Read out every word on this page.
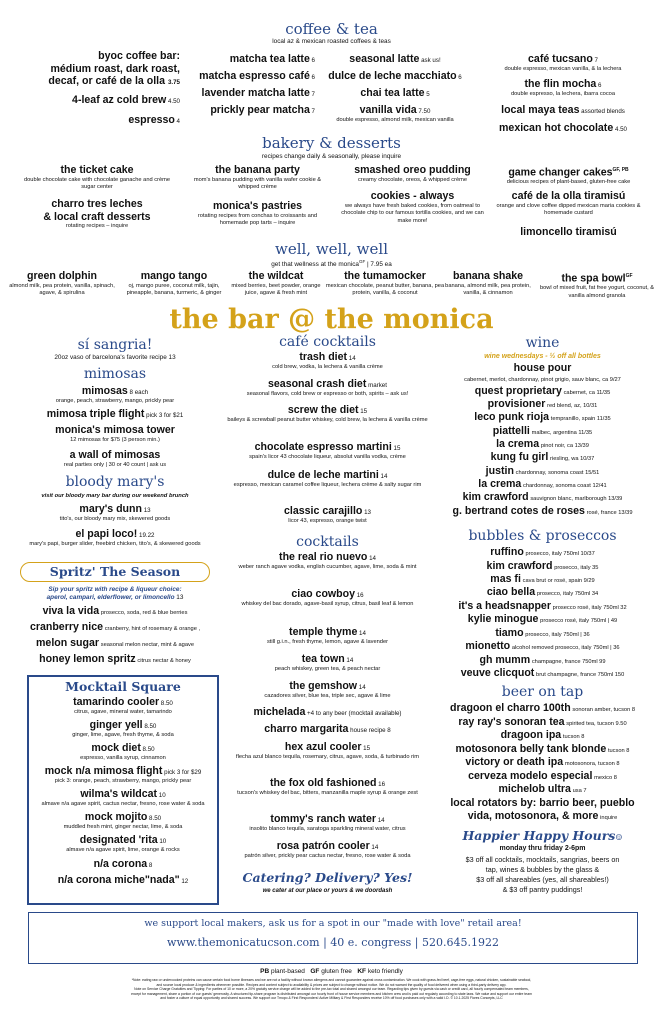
coffee & tea
local az & mexican roasted coffees & teas
byoc coffee bar:
médium roast, dark roast,
decaf, or café de la olla 3.75
4-leaf az cold brew 4.50
espresso 4
matcha tea latte 6
matcha espresso café 6
lavender matcha latte 7
prickly pear matcha 7
seasonal latte ask us!
dulce de leche macchiato 6
chai tea latte 5
vanilla vida 7.50
double espresso, almond milk, mexican vanilla
café tucsano 7
double espresso, mexican vanilla, & la lechera
the flin mocha 6
double espresso, la lechera, ibarra cocoa
local maya teas assorted blends
mexican hot chocolate 4.50
bakery & desserts
recipes change daily & seasonally, please inquire
the ticket cake
double chocolate cake with chocolate ganache and crème sugar center
charro tres leches
& local craft desserts
rotating recipes – inquire
the banana party
mom's banana pudding with vanilla wafer cookie & whipped crème
monica's pastries
rotating recipes from conchas to croissants and homemade pop tarts – inquire
smashed oreo pudding
creamy chocolate, oreos, & whipped crème
cookies - always
we always have fresh baked cookies, from oatmeal to chocolate chip to our famous tortilla cookies, and we can make more!
game changer cakes$^{GF, PB}$
delicious recipes of plant-based, gluten-free cake
café de la olla tiramisú
orange and clove coffee dipped mexican maria cookies & homemade custard
limoncello tiramisú
well, well, well
get that wellness at the monica$^{GF}$ | 7.95 ea
green dolphin
almond milk, pea protein, vanilla, spinach, agave, & spirulina
mango tango
oj, mango puree, coconut milk, tajin, pineapple, banana, turmeric, & ginger
the wildcat
mixed berries, beet powder, orange juice, agave & fresh mint
the tumamocker
mexican chocolate, peanut butter, banana, pea protein, vanilla, & coconut
banana shake
banana, almond milk, pea protein, vanilla, & cinnamon
the spa bowl$^{GF}$
bowl of mixed fruit, fat free yogurt, coconut, & vanilla almond granola
the bar @ the monica
sí sangria!
20oz vaso of barcelona's favorite recipe 13
mimosas
mimosas 8 each
orange, peach, strawberry, mango, prickly pear
mimosa triple flight pick 3 for $21
monica's mimosa tower
12 mimosas for $75 (3 person min.)
a wall of mimosas
real parties only | 30 or 40 count | ask us
bloody mary's
visit our bloody mary bar during our weekend brunch
mary's dunn 13
tito's, our bloody mary mix, skewered goods
el papi loco! 19.22
mary's papi, burger slider, freebird chicken, tito's, & skewered goods
Spritz' The Season
Sip your spritz with recipe & liqueur choice:
aperol, campari, elderflower, or limoncello 13
viva la vida prosecco, soda, red & blue berries
cranberry nice cranberry, hint of rosemary & orange ,
melon sugar seasonal melon nectar, mint & agave
honey lemon spritz citrus nectar & honey
Mocktail Square
tamarindo cooler 8.50
citrus, agave, mineral water, tamarindo
ginger yell 8.50
ginger, lime, agave, fresh thyme, & soda
mock diet 8.50
espresso, vanilla syrup, cinnamon
mock n/a mimosa flight pick 3 for $29
pick 3: orange, peach, strawberry, mango, prickly pear
wilma's wildcat 10
almave n/a agave spirit, cactus nectar, fresno, rose water & soda
mock mojito 8.50
muddled fresh mint, ginger nectar, lime, & soda
designated 'rita 10
almave n/a agave spirit, lime, orange & rocks
n/a corona 8
n/a corona miche"nada" 12
café cocktails
trash diet 14
cold brew, vodka, la lechera & vanilla crème
seasonal crash diet market
seasonal flavors, cold brew or espresso or both, spirits – ask us!
screw the diet 15
baileys & screwball peanut butter whiskey, cold brew, la lechera & vanilla crème
chocolate espresso martini 15
spain's licor 43 chocolate liqueur, absolut vanilla vodka, crème
dulce de leche martini 14
espresso, mexican caramel coffee liqueur, lechera crème & salty sugar rim
classic carajillo 13
licor 43, espresso, orange twist
cocktails
the real rio nuevo 14
weber ranch agave vodka, english cucumber, agave, lime, soda & mint
ciao cowboy 16
whiskey del bac dorado, agave-basil syrup, citrus, basil leaf & lemon
temple thyme 14
still g.i.n., fresh thyme, lemon, agave & lavender
tea town 14
peach whiskey, green tea, & peach nectar
the gemshow 14
cazadores silver, blue tea, triple sec, agave & lime
michelada +4 to any beer (mocktail available)
charro margarita house recipe 8
hex azul cooler 15
flecha azul blanco tequila, rosemary, citrus, agave, soda, & turbinado rim
the fox old fashioned 16
tucson's whiskey del bac, bitters, manzanilla maple syrup & orange zest
tommy's ranch water 14
insolito blanco tequila, saratoga sparkling mineral water, citrus
rosa patrón cooler 14
patrón silver, prickly pear cactus nectar, fresno, rose water & soda
Catering? Delivery? Yes!
we cater at our place or yours & we doordash
wine
wine wednesdays - ½ off all bottles
house pour
cabernet, merlot, chardonnay, pinot grigio, sauv blanc, ca 9/27
quest proprietary cabernet, ca 11/35
provisioner red blend, az, 10/31
leco punk rioja tempranillo, spain 11/35
piattelli malbec, argentina 11/35
la crema pinot noir, ca 13/39
kung fu girl riesling, wa 10/37
justin chardonnay, sonoma coast 15/51
la crema chardonnay, sonoma coast 12/41
kim crawford sauvignon blanc, marlborough 13/39
g. bertrand cotes de roses rosé, france 13/39
bubbles & proseccos
ruffino prosecco, italy 750ml 10/37
kim crawford prosecco, italy 35
mas fi cava brut or rosé, spain 9/29
ciao bella prosecco, italy 750ml 34
it's a headsnapper prosecco rosé, italy 750ml 32
kylie minogue prosecco rosé, italy 750ml | 49
tiamo prosecco, italy 750ml | 36
mionetto alcohol removed prosecco, italy 750ml | 36
gh mumm champagne, france 750ml 99
veuve clicquot brut champagne, france 750ml 150
beer on tap
dragoon el charro 100th sonoran amber, tucson 8
ray ray's sonoran tea spirited tea, tucson 9.50
dragoon ipa tucson 8
motosonora belly tank blonde tucson 8
victory or death ipa motosonora, tucson 8
cerveza modelo especial mexico 8
michelob ultra usa 7
local rotators by: barrio beer, pueblo
vida, motosonora, & more inquire
Happier Happy Hours☺
monday thru friday 2-6pm
$3 off all cocktails, mocktails, sangrias, beers on
tap, wines & bubbles by the glass &
$3 off all shareables (yes, all shareables!)
& $3 off pantry puddings!
we support local makers, ask us for a spot in our "made with love" retail area!
www.themonicatucson.com | 40 e. congress | 520.645.1922
PB plant-based GF gluten free KF keto friendly
*Note: eating raw or undercooked proteins can cause certain food borne illnesses and we are not a facility without known allergens and cannot guarantee against cross contamination. We cook with grass-fed beef, cage-free eggs, natural chicken, sustainable seafood,
and source local produce & ingredients whenever possible. Recipes and content subject to availability & prices are subject to change without notice. We do not warrant the quality of food delivered when using a third-party delivery app.
Note on Service Charge Gratuities and Tipping: For parties of 10 or more, a 20% gratuity service charge will be added to the pre-tax total and shared amongst our team. Regarding tips given by guests via cash or credit card, all hourly compensated team members,
except for management, share a portion of our guests' generosity. A structured tip-share program is distributed amongst our hourly front of house service members and kitchen crew and is paid out regularly according to state laws. We value and support our entire team
and foster a culture of equal opportunity and shared success. We support our Tmopo & First Responders! Active Military & First Responders receive 10% off food purchases only with a valid I.D. © 10.1.2025 Flores Concepts, LLC
